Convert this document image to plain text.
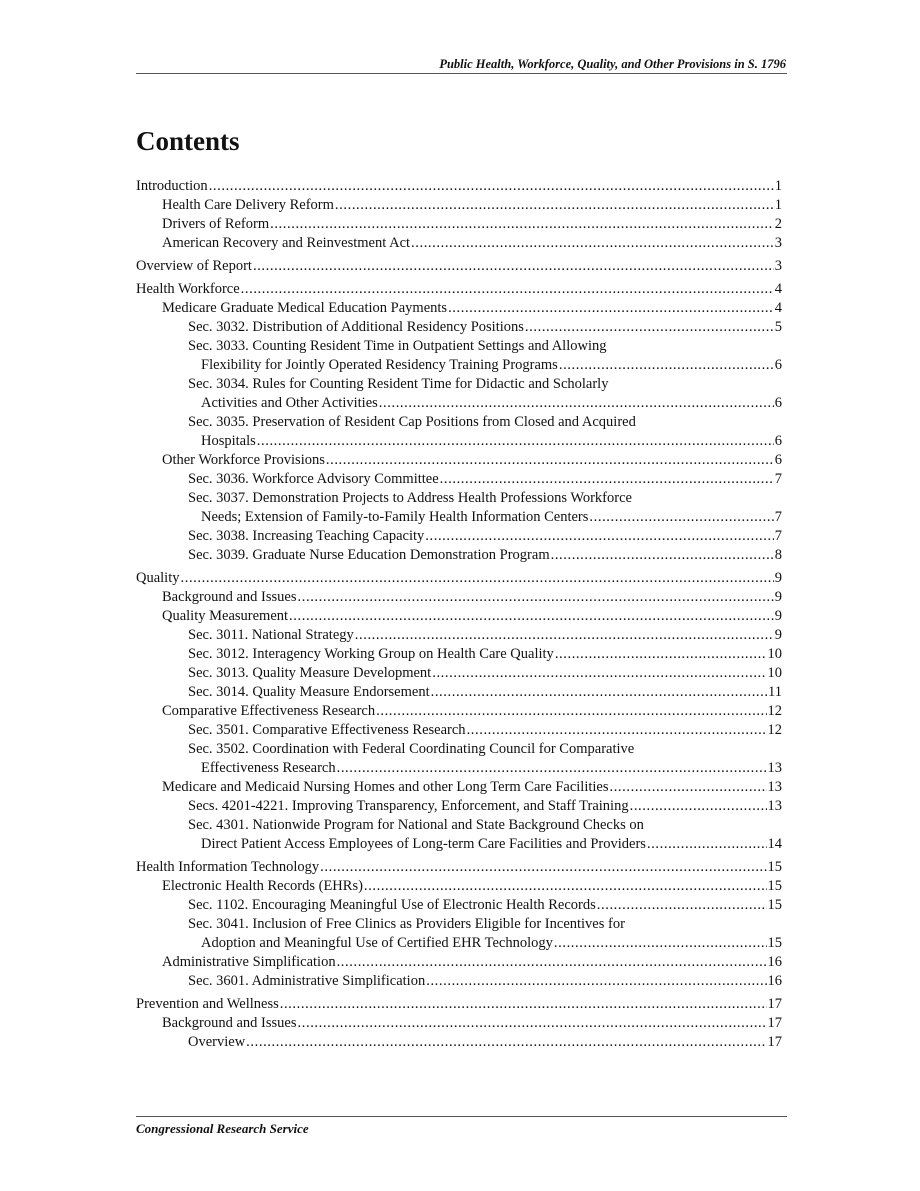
Public Health, Workforce, Quality, and Other Provisions in S. 1796
Contents
Introduction .....	1
Health Care Delivery Reform .....	1
Drivers of Reform .....	2
American Recovery and Reinvestment Act .....	3
Overview of Report .....	3
Health Workforce .....	4
Medicare Graduate Medical Education Payments .....	4
Sec. 3032. Distribution of Additional Residency Positions .....	5
Sec. 3033. Counting Resident Time in Outpatient Settings and Allowing
Flexibility for Jointly Operated Residency Training Programs .....	6
Sec. 3034. Rules for Counting Resident Time for Didactic and Scholarly
Activities and Other Activities .....	6
Sec. 3035. Preservation of Resident Cap Positions from Closed and Acquired
Hospitals .....	6
Other Workforce Provisions .....	6
Sec. 3036. Workforce Advisory Committee .....	7
Sec. 3037. Demonstration Projects to Address Health Professions Workforce
Needs; Extension of Family-to-Family Health Information Centers .....	7
Sec. 3038. Increasing Teaching Capacity .....	7
Sec. 3039. Graduate Nurse Education Demonstration Program .....	8
Quality .....	9
Background and Issues .....	9
Quality Measurement .....	9
Sec. 3011. National Strategy .....	9
Sec. 3012. Interagency Working Group on Health Care Quality .....	10
Sec. 3013. Quality Measure Development .....	10
Sec. 3014. Quality Measure Endorsement .....	11
Comparative Effectiveness Research .....	12
Sec. 3501. Comparative Effectiveness Research .....	12
Sec. 3502. Coordination with Federal Coordinating Council for Comparative
Effectiveness Research .....	13
Medicare and Medicaid Nursing Homes and other Long Term Care Facilities .....	13
Secs. 4201-4221. Improving Transparency, Enforcement, and Staff Training .....	13
Sec. 4301. Nationwide Program for National and State Background Checks on
Direct Patient Access Employees of Long-term Care Facilities and Providers .....	14
Health Information Technology .....	15
Electronic Health Records (EHRs) .....	15
Sec. 1102. Encouraging Meaningful Use of Electronic Health Records .....	15
Sec. 3041. Inclusion of Free Clinics as Providers Eligible for Incentives for
Adoption and Meaningful Use of Certified EHR Technology .....	15
Administrative Simplification .....	16
Sec. 3601. Administrative Simplification .....	16
Prevention and Wellness .....	17
Background and Issues .....	17
Overview .....	17
Congressional Research Service
